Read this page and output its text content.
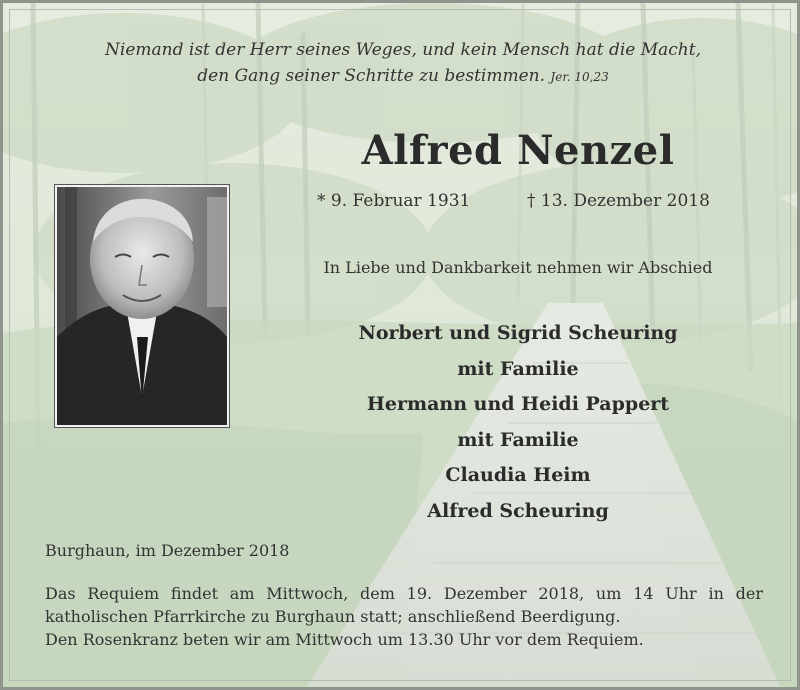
Niemand ist der Herr seines Weges, und kein Mensch hat die Macht,
den Gang seiner Schritte zu bestimmen. Jer. 10,23
Alfred Nenzel
* 9. Februar 1931	† 13. Dezember 2018
In Liebe und Dankbarkeit nehmen wir Abschied
Norbert und Sigrid Scheuring
mit Familie
Hermann und Heidi Pappert
mit Familie
Claudia Heim
Alfred Scheuring
Burghaun, im Dezember 2018
Das Requiem findet am Mittwoch, dem 19. Dezember 2018, um 14 Uhr in der
katholischen Pfarrkirche zu Burghaun statt; anschließend Beerdigung.
Den Rosenkranz beten wir am Mittwoch um 13.30 Uhr vor dem Requiem.
